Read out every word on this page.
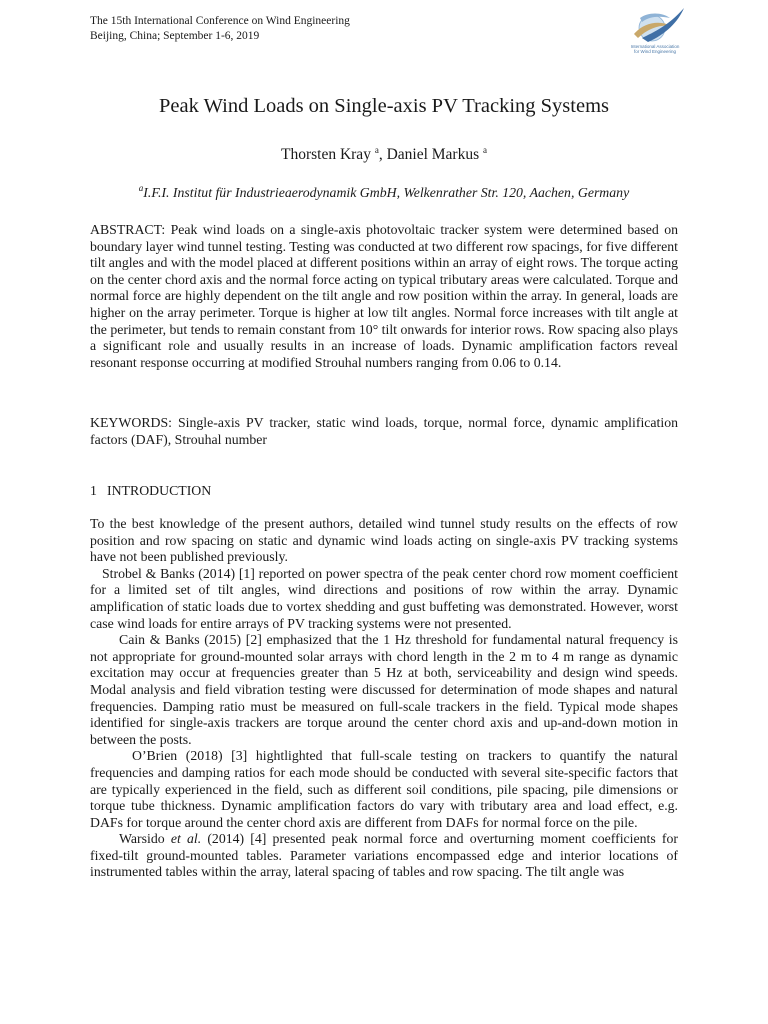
The 15th International Conference on Wind Engineering
Beijing, China; September 1-6, 2019
International Association
for Wind Engineering
Peak Wind Loads on Single-axis PV Tracking Systems
Thorsten Kray $^a$, Daniel Markus $^a$
$^a$I.F.I. Institut für Industrieaerodynamik GmbH, Welkenrather Str. 120, Aachen, Germany
ABSTRACT: Peak wind loads on a single-axis photovoltaic tracker system were determined based on boundary layer wind tunnel testing. Testing was conducted at two different row spacings, for five different tilt angles and with the model placed at different positions within an array of eight rows. The torque acting on the center chord axis and the normal force acting on typical tributary areas were calculated. Torque and normal force are highly dependent on the tilt angle and row position within the array. In general, loads are higher on the array perimeter. Torque is higher at low tilt angles. Normal force increases with tilt angle at the perimeter, but tends to remain constant from 10° tilt onwards for interior rows. Row spacing also plays a significant role and usually results in an increase of loads. Dynamic amplification factors reveal resonant response occurring at modified Strouhal numbers ranging from 0.06 to 0.14.
KEYWORDS: Single-axis PV tracker, static wind loads, torque, normal force, dynamic amplification factors (DAF), Strouhal number
1 INTRODUCTION

To the best knowledge of the present authors, detailed wind tunnel study results on the effects of row position and row spacing on static and dynamic wind loads acting on single-axis PV tracking systems have not been published previously.

Strobel & Banks (2014) [1] reported on power spectra of the peak center chord row moment coefficient for a limited set of tilt angles, wind directions and positions of row within the array. Dynamic amplification of static loads due to vortex shedding and gust buffeting was demonstrated. However, worst case wind loads for entire arrays of PV tracking systems were not presented.

Cain & Banks (2015) [2] emphasized that the 1 Hz threshold for fundamental natural frequency is not appropriate for ground-mounted solar arrays with chord length in the 2 m to 4 m range as dynamic excitation may occur at frequencies greater than 5 Hz at both, serviceability and design wind speeds. Modal analysis and field vibration testing were discussed for determination of mode shapes and natural frequencies. Damping ratio must be measured on full-scale trackers in the field. Typical mode shapes identified for single-axis trackers are torque around the center chord axis and up-and-down motion in between the posts.

O’Brien (2018) [3] hightlighted that full-scale testing on trackers to quantify the natural frequencies and damping ratios for each mode should be conducted with several site-specific factors that are typically experienced in the field, such as different soil conditions, pile spacing, pile dimensions or torque tube thickness. Dynamic amplification factors do vary with tributary area and load effect, e.g. DAFs for torque around the center chord axis are different from DAFs for normal force on the pile.

Warsido et al. (2014) [4] presented peak normal force and overturning moment coefficients for fixed-tilt ground-mounted tables. Parameter variations encompassed edge and interior locations of instrumented tables within the array, lateral spacing of tables and row spacing. The tilt angle was
